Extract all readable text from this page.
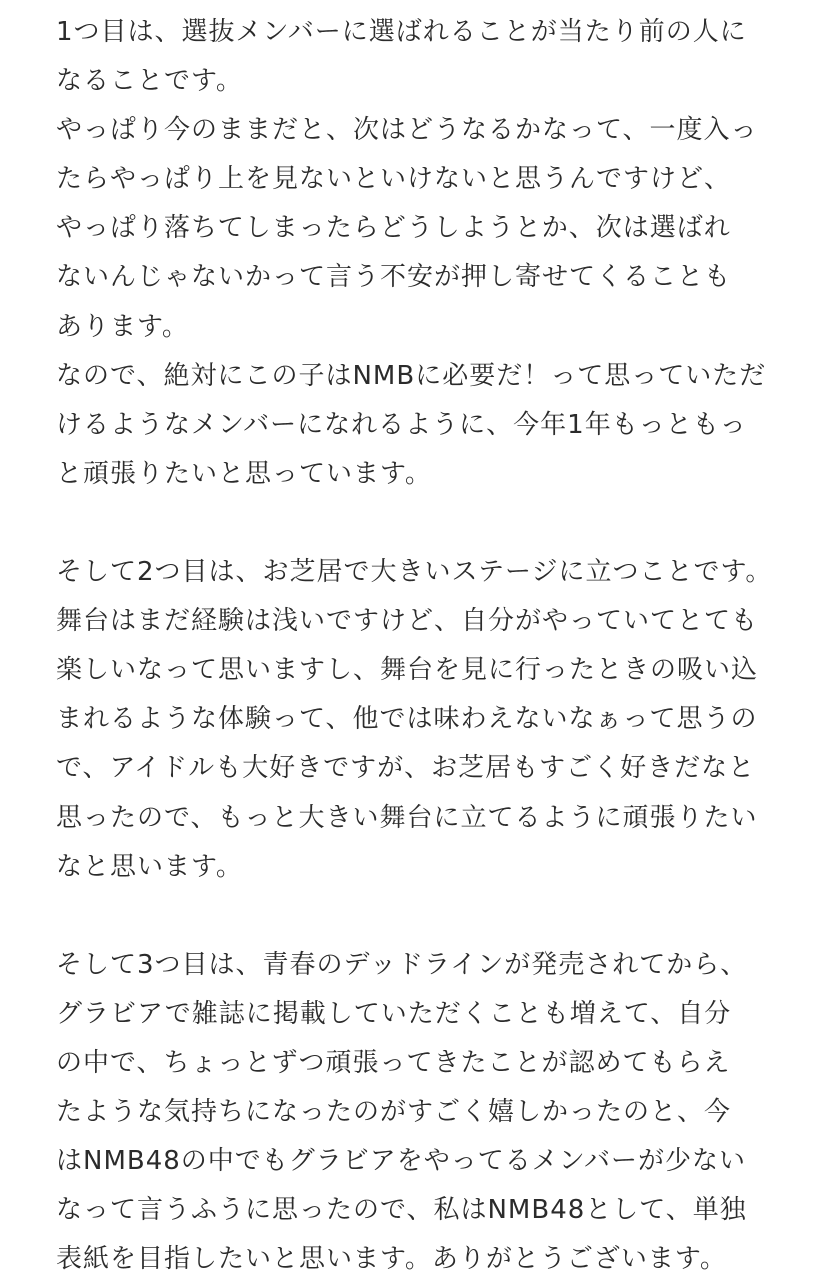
1つ目は、選抜メンバーに選ばれることが当たり前の人に
なることです。
やっぱり今のままだと、次はどうなるかなって、一度入っ
たらやっぱり上を見ないといけないと思うんですけど、
やっぱり落ちてしまったらどうしようとか、次は選ばれ
ないんじゃないかって言う不安が押し寄せてくることも
あります。
なので、絶対にこの子はNMBに必要だ！って思っていただ
けるようなメンバーになれるように、今年1年もっともっ
と頑張りたいと思っています。
そして2つ目は、お芝居で大きいステージに立つことです。
舞台はまだ経験は浅いですけど、自分がやっていてとても
楽しいなって思いますし、舞台を見に行ったときの吸い込
まれるような体験って、他では味わえないなぁって思うの
で、アイドルも大好きですが、お芝居もすごく好きだなと
思ったので、もっと大きい舞台に立てるように頑張りたい
なと思います。
そして3つ目は、青春のデッドラインが発売されてから、
グラビアで雑誌に掲載していただくことも増えて、自分
の中で、ちょっとずつ頑張ってきたことが認めてもらえ
たような気持ちになったのがすごく嬉しかったのと、今
はNMB48の中でもグラビアをやってるメンバーが少ない
なって言うふうに思ったので、私はNMB48として、単独
表紙を目指したいと思います。ありがとうございます。
